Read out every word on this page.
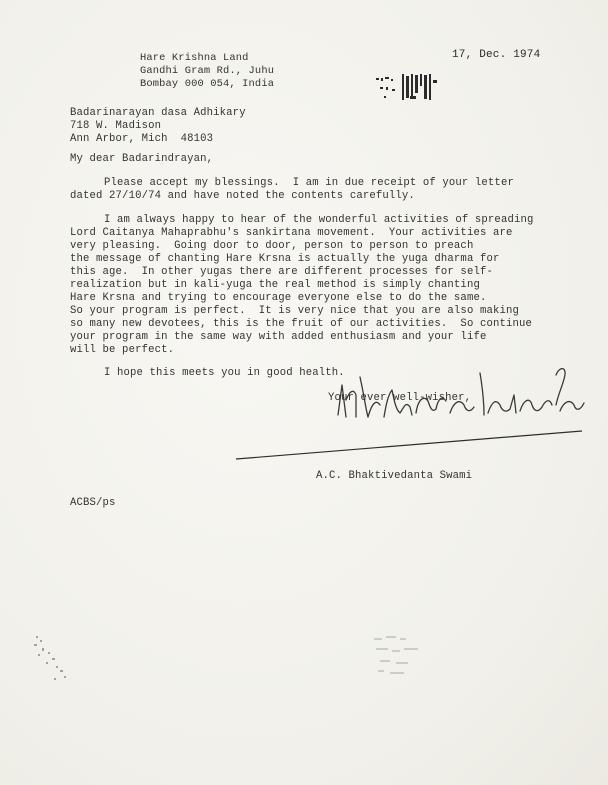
Hare Krishna Land
Gandhi Gram Rd., Juhu
Bombay 000 054, India
17, Dec. 1974
Badarinarayan dasa Adhikary
718 W. Madison
Ann Arbor, Mich  48103
My dear Badarindrayan,
Please accept my blessings.  I am in due receipt of your letter
dated 27/10/74 and have noted the contents carefully.
I am always happy to hear of the wonderful activities of spreading
Lord Caitanya Mahaprabhu's sankirtana movement.  Your activities are
very pleasing.  Going door to door, person to person to preach
the message of chanting Hare Krsna is actually the yuga dharma for
this age.  In other yugas there are different processes for self-
realization but in kali-yuga the real method is simply chanting
Hare Krsna and trying to encourage everyone else to do the same.
So your program is perfect.  It is very nice that you are also making
so many new devotees, this is the fruit of our activities.  So continue
your program in the same way with added enthusiasm and your life
will be perfect.
I hope this meets you in good health.
Your ever well-wisher,
A.C. Bhaktivedanta Swami
ACBS/ps
